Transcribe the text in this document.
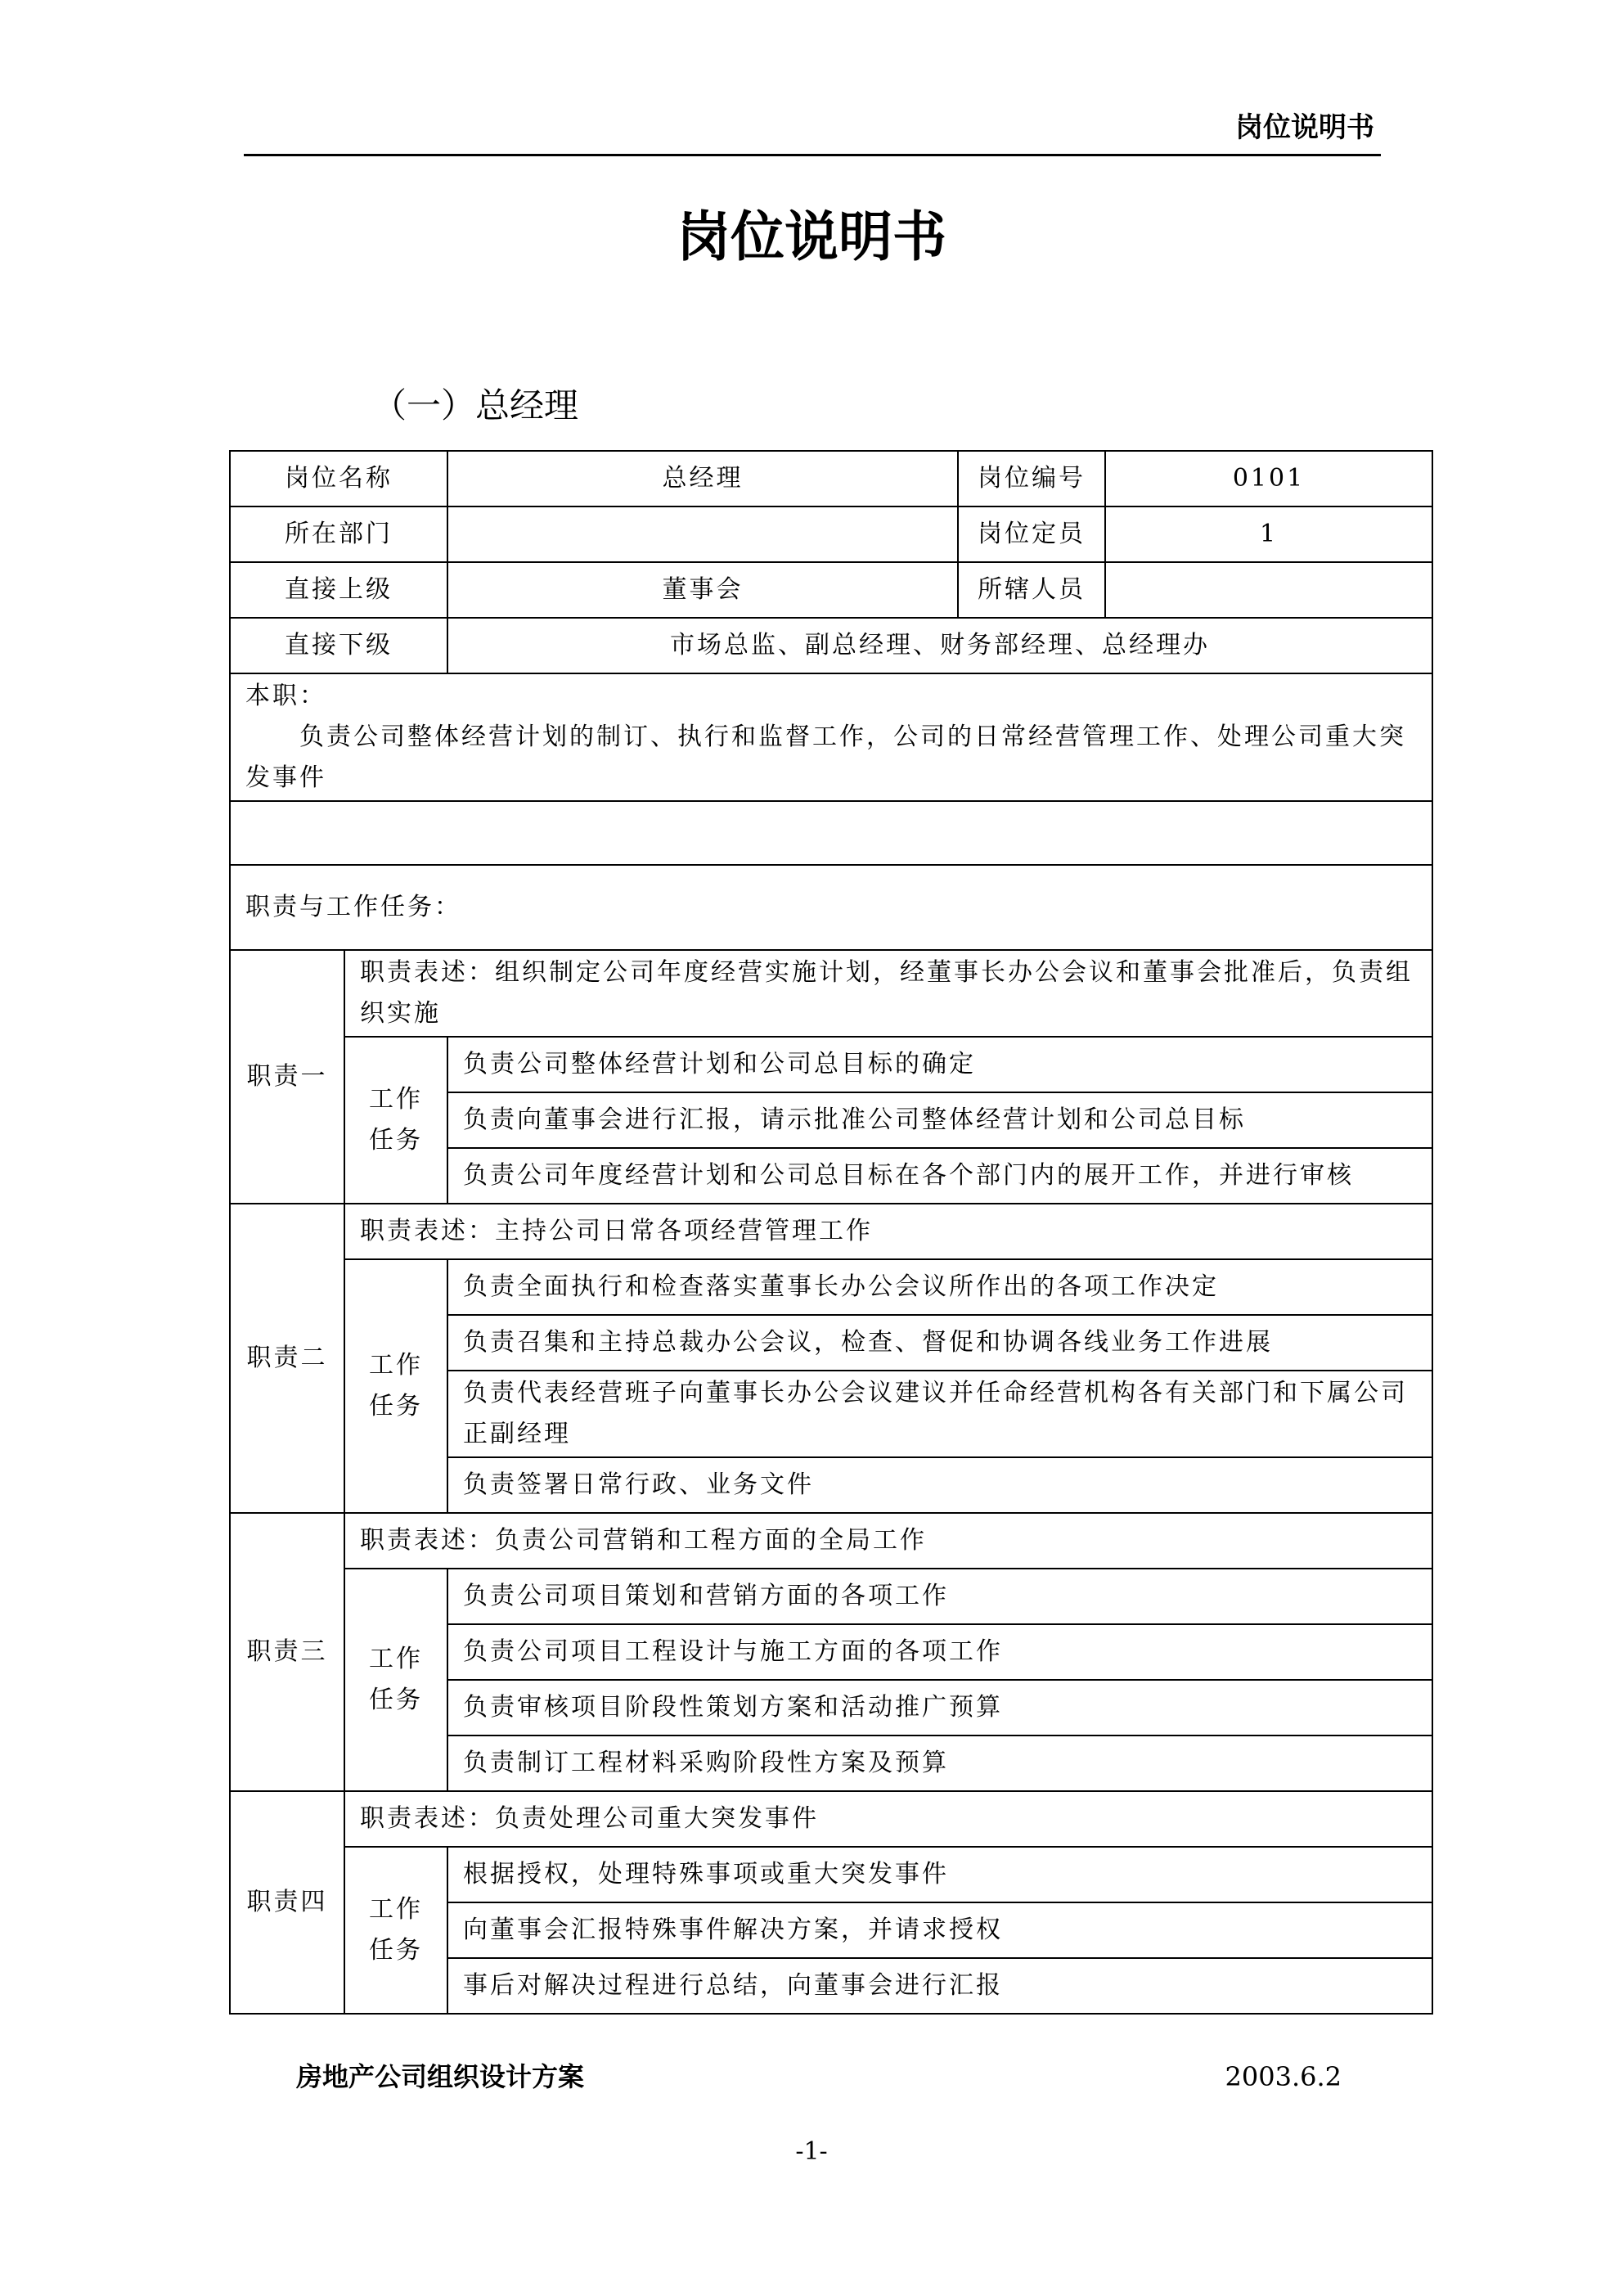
岗位说明书
岗位说明书
（一）总经理
岗位名称		总经理	岗位编号	0101
所在部门			岗位定员	1
直接上级		董事会	所辖人员	
直接下级		市场总监、副总经理、财务部经理、总经理办		

本职：
负责公司整体经营计划的制订、执行和监督工作，公司的日常经营管理工作、处理公司重大突发事件				

职责与工作任务：				
职责一	职责表述：组织制定公司年度经营实施计划，经董事长办公会议和董事会批准后，负责组织实施			
	工作任务	负责公司整体经营计划和公司总目标的确定		
		负责向董事会进行汇报，请示批准公司整体经营计划和公司总目标		
		负责公司年度经营计划和公司总目标在各个部门内的展开工作，并进行审核		
职责二	职责表述：主持公司日常各项经营管理工作			
	工作任务	负责全面执行和检查落实董事长办公会议所作出的各项工作决定		
		负责召集和主持总裁办公会议，检查、督促和协调各线业务工作进展		
		负责代表经营班子向董事长办公会议建议并任命经营机构各有关部门和下属公司正副经理		
		负责签署日常行政、业务文件		
职责三	职责表述：负责公司营销和工程方面的全局工作			
	工作任务	负责公司项目策划和营销方面的各项工作		
		负责公司项目工程设计与施工方面的各项工作		
		负责审核项目阶段性策划方案和活动推广预算		
		负责制订工程材料采购阶段性方案及预算		
职责四	职责表述：负责处理公司重大突发事件			
	工作任务	根据授权，处理特殊事项或重大突发事件		
		向董事会汇报特殊事件解决方案，并请求授权		
		事后对解决过程进行总结，向董事会进行汇报		
房地产公司组织设计方案	2003.6.2
-1-
